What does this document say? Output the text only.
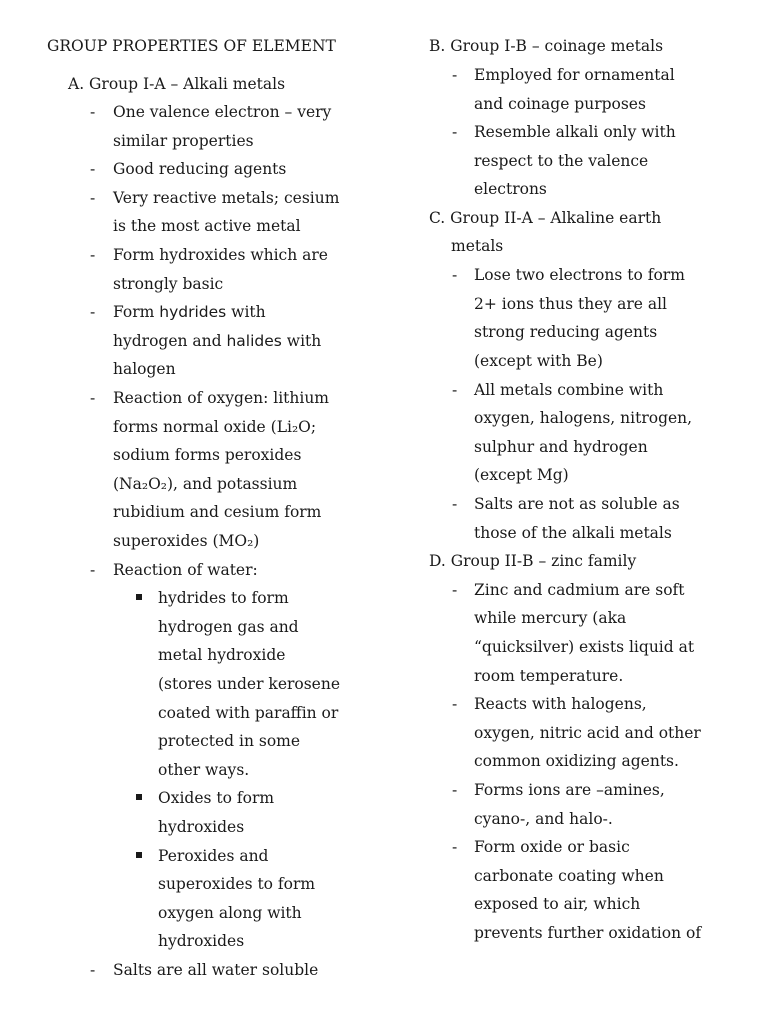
GROUP PROPERTIES OF ELEMENT
A. Group I-A – Alkali metals
- One valence electron – very
similar properties
- Good reducing agents
- Very reactive metals; cesium
is the most active metal
- Form hydroxides which are
strongly basic
- Form hydrides with
hydrogen and halides with
halogen
- Reaction of oxygen: lithium
forms normal oxide (Li₂O;
sodium forms peroxides
(Na₂O₂), and potassium
rubidium and cesium form
superoxides (MO₂)
- Reaction of water:
hydrides to form
hydrogen gas and
metal hydroxide
(stores under kerosene
coated with paraffin or
protected in some
other ways.
Oxides to form
hydroxides
Peroxides and
superoxides to form
oxygen along with
hydroxides
- Salts are all water soluble
B. Group I-B – coinage metals
- Employed for ornamental
and coinage purposes
- Resemble alkali only with
respect to the valence
electrons
C. Group II-A – Alkaline earth
metals
- Lose two electrons to form
2+ ions thus they are all
strong reducing agents
(except with Be)
- All metals combine with
oxygen, halogens, nitrogen,
sulphur and hydrogen
(except Mg)
- Salts are not as soluble as
those of the alkali metals
D. Group II-B – zinc family
- Zinc and cadmium are soft
while mercury (aka
“quicksilver) exists liquid at
room temperature.
- Reacts with halogens,
oxygen, nitric acid and other
common oxidizing agents.
- Forms ions are –amines,
cyano-, and halo-.
- Form oxide or basic
carbonate coating when
exposed to air, which
prevents further oxidation of
